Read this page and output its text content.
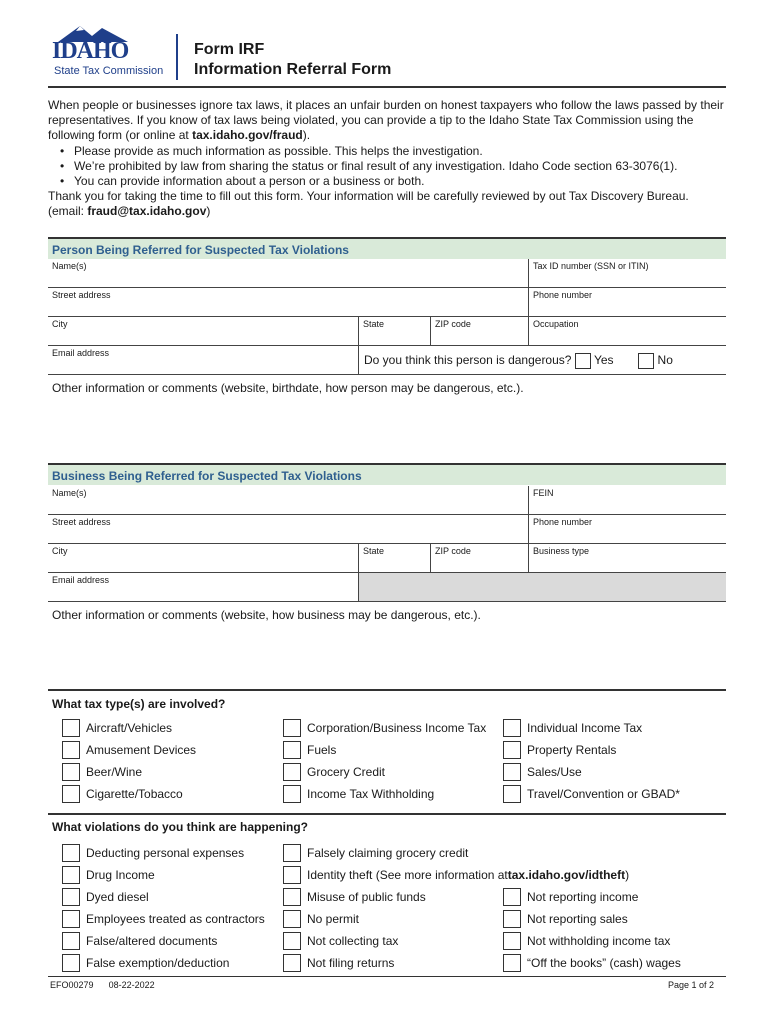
IDAHO
State Tax Commission
Form IRF
Information Referral Form

When people or businesses ignore tax laws, it places an unfair burden on honest taxpayers who follow the laws passed by their representatives. If you know of tax laws being violated, you can provide a tip to the Idaho State Tax Commission using the following form (or online at tax.idaho.gov/fraud).

• Please provide as much information as possible. This helps the investigation.
• We’re prohibited by law from sharing the status or final result of any investigation. Idaho Code section 63-3076(1).
• You can provide information about a person or a business or both.

Thank you for taking the time to fill out this form. Your information will be carefully reviewed by out Tax Discovery Bureau. (email: fraud@tax.idaho.gov)

Person Being Referred for Suspected Tax Violations
Name(s)	Tax ID number (SSN or ITIN)
Street address	Phone number
City	State	ZIP code	Occupation
Email address
Do you think this person is dangerous? Yes	No
Other information or comments (website, birthdate, how person may be dangerous, etc.).
Business Being Referred for Suspected Tax Violations
Name(s)	FEIN
Street address	Phone number
City	State	ZIP code	Business type
Email address
Other information or comments (website, how business may be dangerous, etc.).
What tax type(s) are involved?
Aircraft/Vehicles	Corporation/Business Income Tax	Individual Income Tax
Amusement Devices	Fuels	Property Rentals
Beer/Wine	Grocery Credit	Sales/Use
Cigarette/Tobacco	Income Tax Withholding	Travel/Convention or GBAD*
What violations do you think are happening?
Deducting personal expenses	Falsely claiming grocery credit
Drug Income	Identity theft (See more information at tax.idaho.gov/idtheft )
Dyed diesel	Misuse of public funds	Not reporting income
Employees treated as contractors	No permit	Not reporting sales
False/altered documents	Not collecting tax	Not withholding income tax
False exemption/deduction	Not filing returns	“Off the books” (cash) wages
EFO00279 08-22-2022	Page 1 of 2
